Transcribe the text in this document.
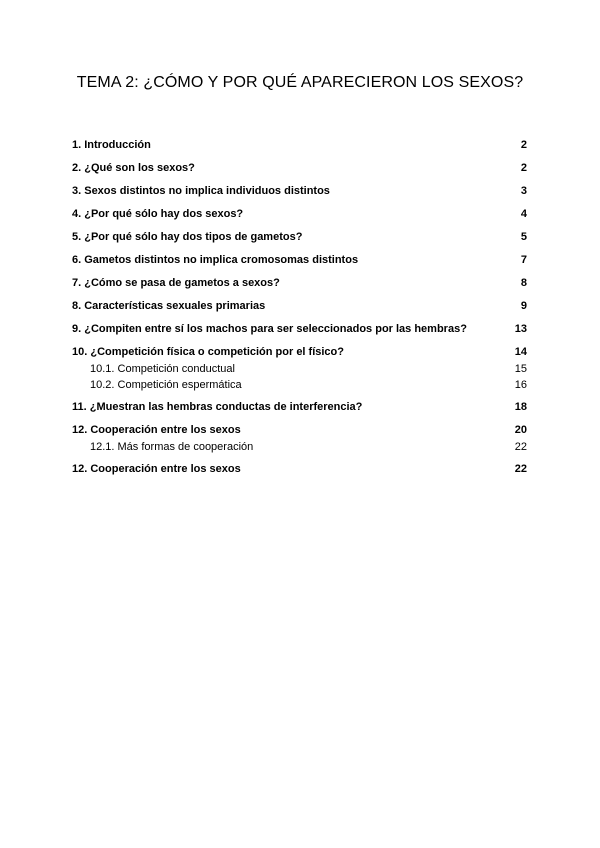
TEMA 2: ¿CÓMO Y POR QUÉ APARECIERON LOS SEXOS?
1. Introducción	2
2. ¿Qué son los sexos?	2
3. Sexos distintos no implica individuos distintos	3
4. ¿Por qué sólo hay dos sexos?	4
5. ¿Por qué sólo hay dos tipos de gametos?	5
6. Gametos distintos no implica cromosomas distintos	7
7. ¿Cómo se pasa de gametos a sexos?	8
8. Características sexuales primarias	9
9. ¿Compiten entre sí los machos para ser seleccionados por las hembras?	13
10. ¿Competición física o competición por el físico?	14
10.1. Competición conductual	15
10.2. Competición espermática	16
11. ¿Muestran las hembras conductas de interferencia?	18
12. Cooperación entre los sexos	20
12.1. Más formas de cooperación	22
12. Cooperación entre los sexos	22
